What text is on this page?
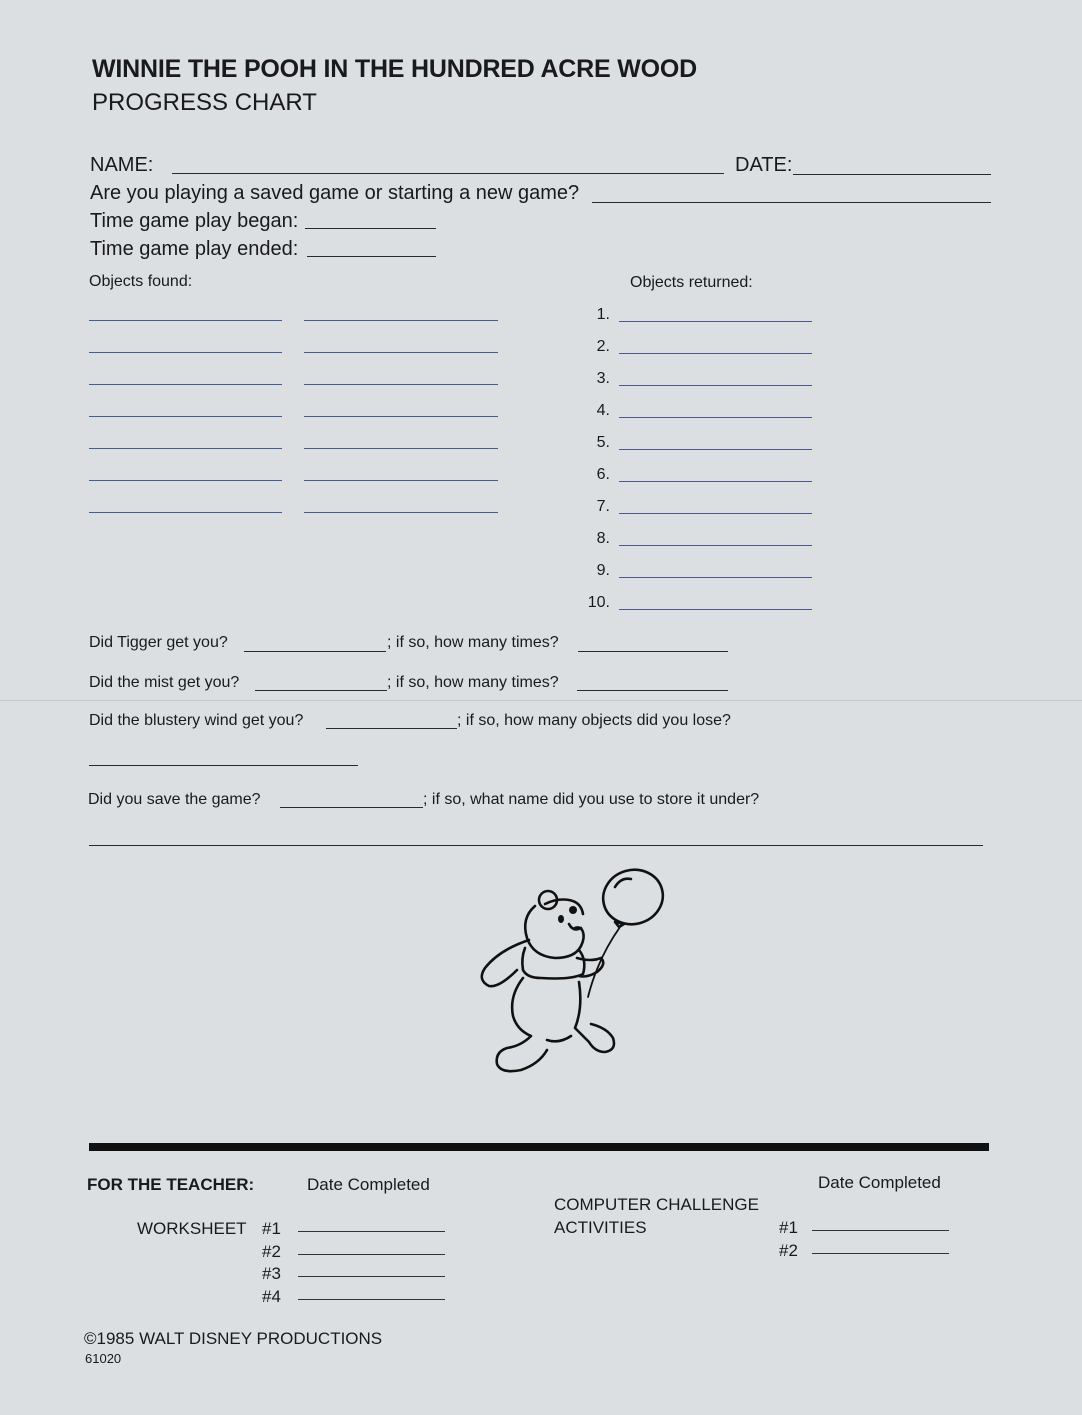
WINNIE THE POOH IN THE HUNDRED ACRE WOOD
PROGRESS CHART
NAME:	DATE:
Are you playing a saved game or starting a new game?
Time game play began:
Time game play ended:
Objects found:	Objects returned:
1.
2.
3.
4.
5.
6.
7.
8.
9.
10.
Did Tigger get you?	; if so, how many times?
Did the mist get you?	; if so, how many times?
Did the blustery wind get you?	; if so, how many objects did you lose?
Did you save the game?	; if so, what name did you use to store it under?
FOR THE TEACHER:	Date Completed	Date Completed
WORKSHEET #1
#2
#3
#4
COMPUTER CHALLENGE
ACTIVITIES	#1
#2
©1985 WALT DISNEY PRODUCTIONS
61020
